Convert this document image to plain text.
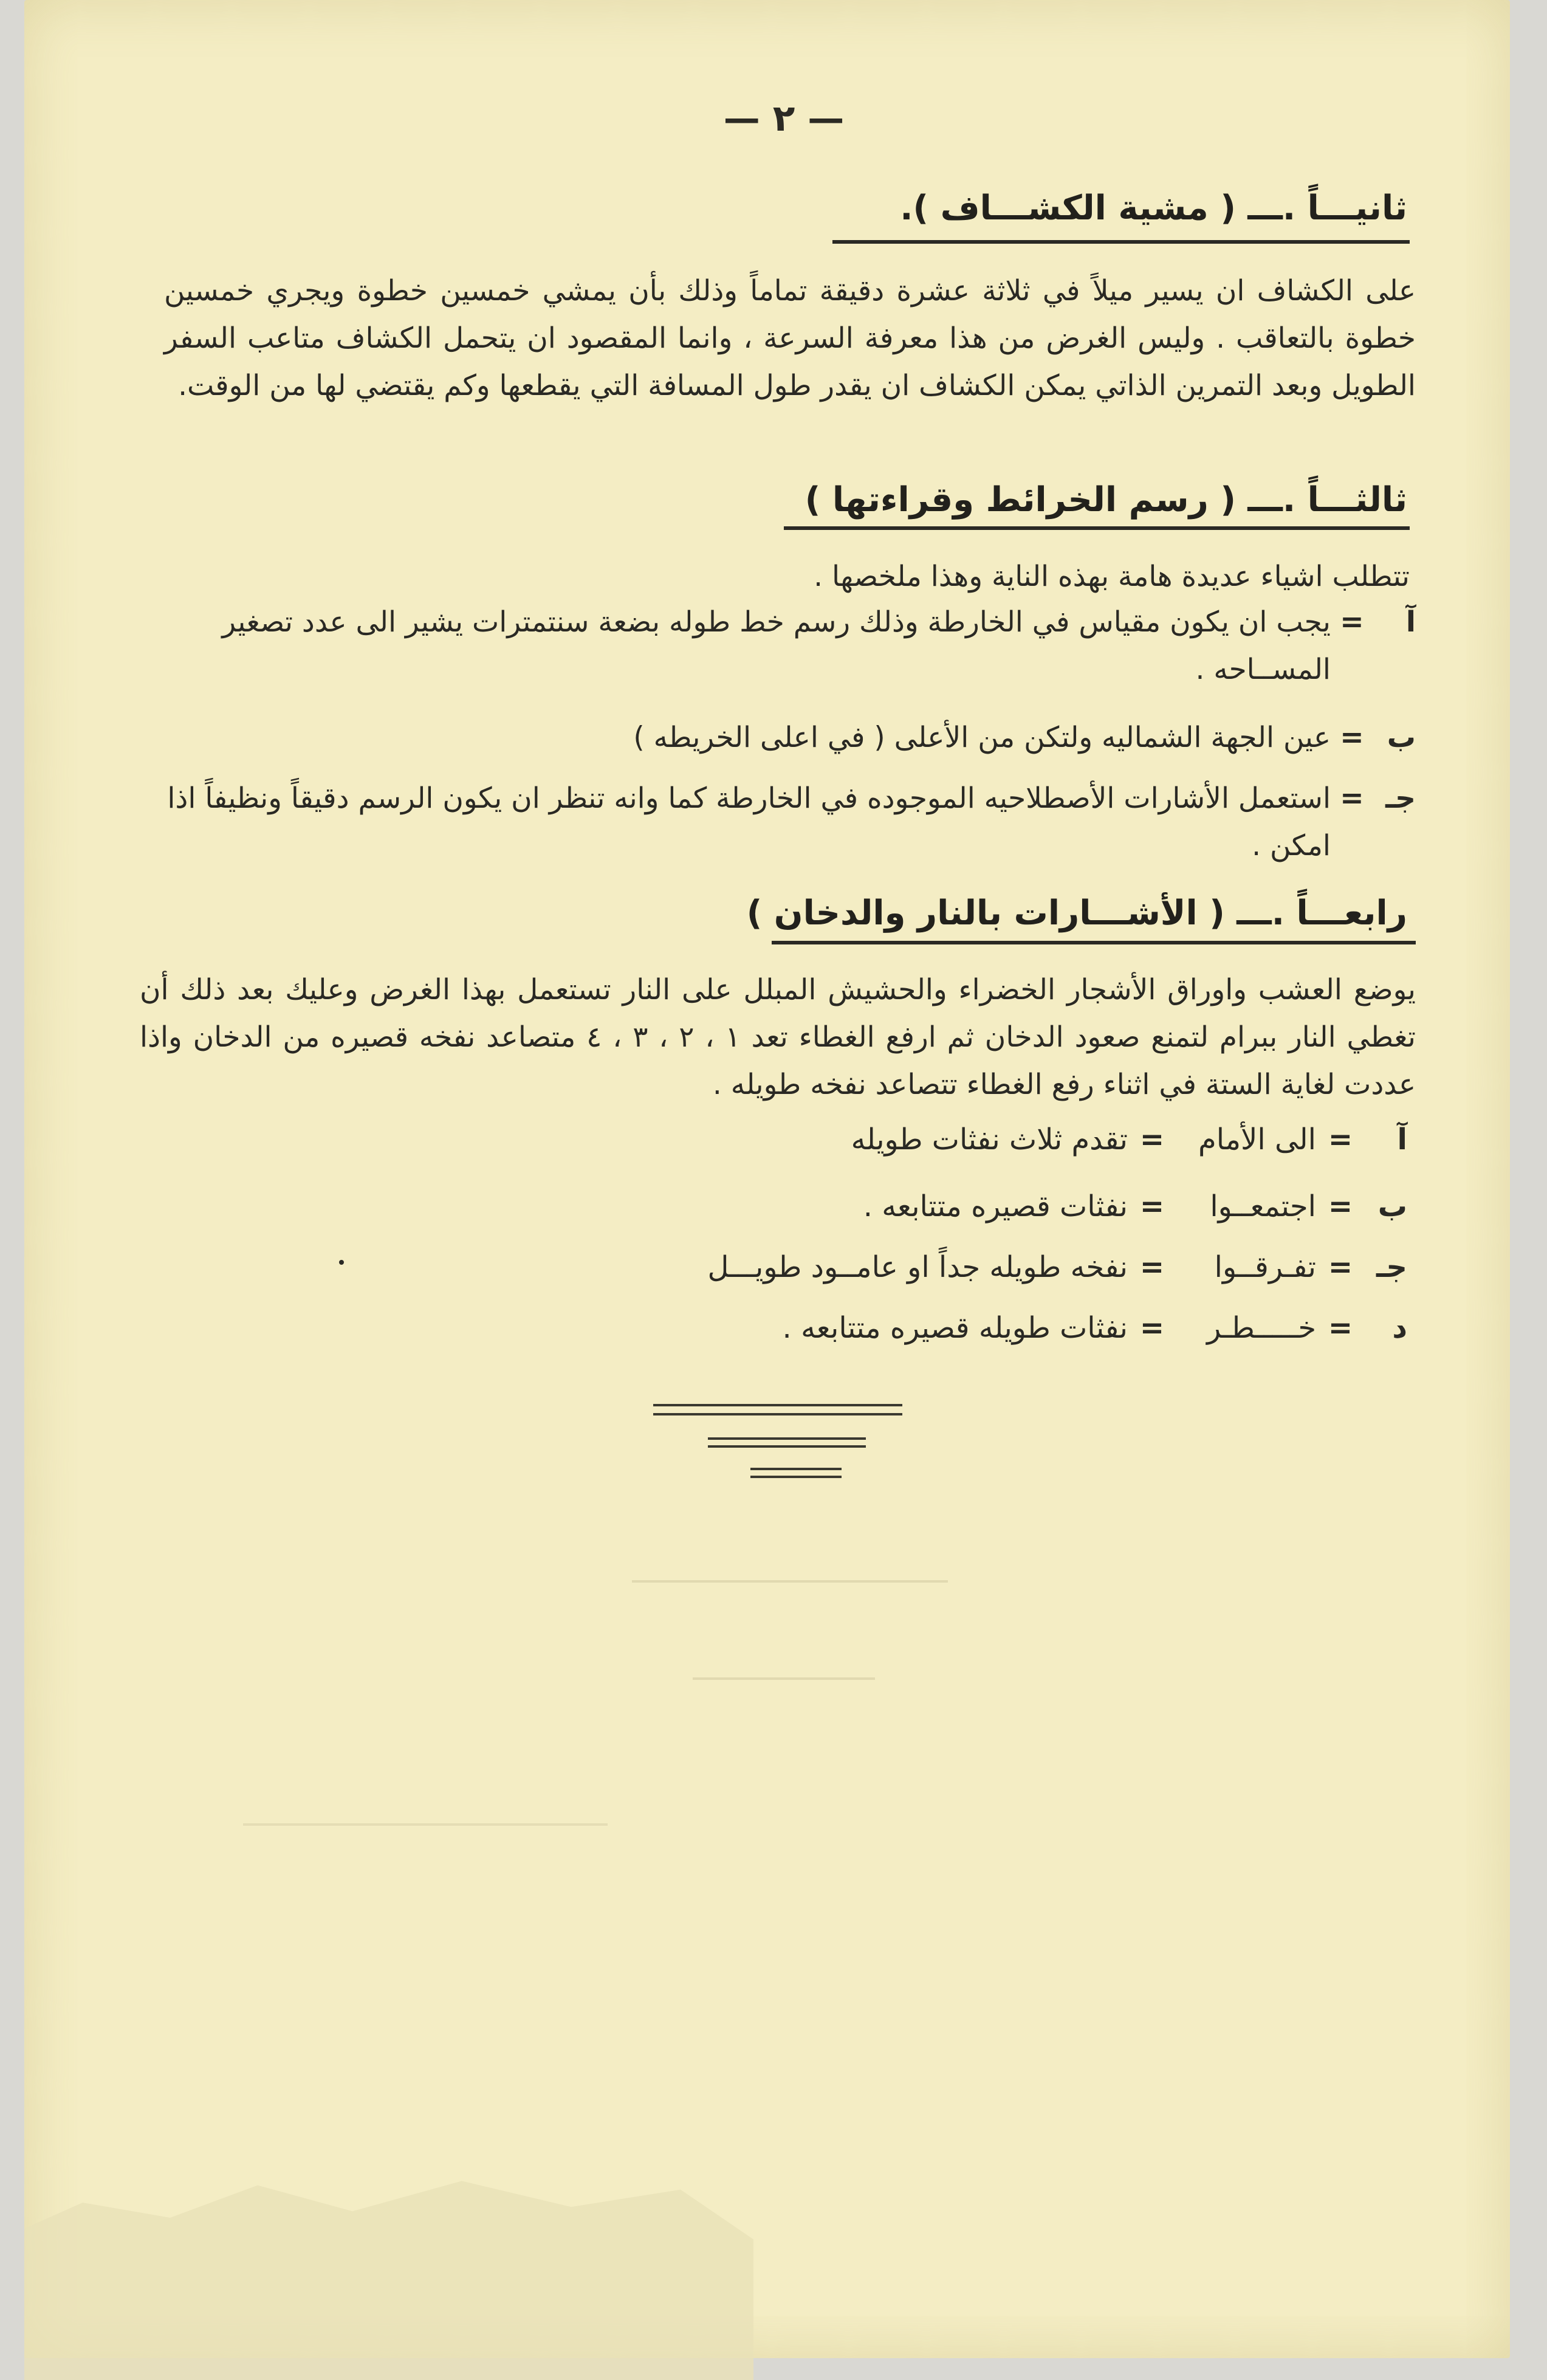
— ٢ —
ثانيـــاً .ـــ ( مشية الكشـــاف ).
على الكشاف ان يسير ميلاً في ثلاثة عشرة دقيقة تماماً وذلك بأن يمشي خمسين خطوة ويجري خمسين خطوة بالتعاقب . وليس الغرض من هذا معرفة السرعة ، وانما المقصود ان يتحمل الكشاف متاعب السفر الطويل وبعد التمرين الذاتي يمكن الكشاف ان يقدر طول المسافة التي يقطعها وكم يقتضي لها من الوقت.
ثالثـــاً .ـــ ( رسم الخرائط وقراءتها )
تتطلب اشياء عديدة هامة بهذه الناية وهذا ملخصها .
آ
=
يجب ان يكون مقياس في الخارطة وذلك رسم خط طوله بضعة سنتمترات يشير الى عدد تصغير المســاحه .
ب
=
عين الجهة الشماليه ولتكن من الأعلى ( في اعلى الخريطه )
جـ
=
استعمل الأشارات الأصطلاحيه الموجوده في الخارطة كما وانه تنظر ان يكون الرسم دقيقاً ونظيفاً اذا امكن .
رابعـــاً .ـــ ( الأشـــارات بالنار والدخان )
يوضع العشب واوراق الأشجار الخضراء والحشيش المبلل على النار تستعمل بهذا الغرض وعليك بعد ذلك أن تغطي النار ببرام لتمنع صعود الدخان ثم ارفع الغطاء تعد ١ ، ٢ ، ٣ ، ٤ متصاعد نفخه قصيره من الدخان واذا عددت لغاية الستة في اثناء رفع الغطاء تتصاعد نفخه طويله .
آ
=
الى الأمام
=
تقدم ثلاث نفثات طويله
ب
=
اجتمعــوا
=
نفثات قصيره متتابعه .
جـ
=
تفـرقــوا
=
نفخه طويله جداً او عامــود طويـــل
د
=
خـــــطـر
=
نفثات طويله قصيره متتابعه .
